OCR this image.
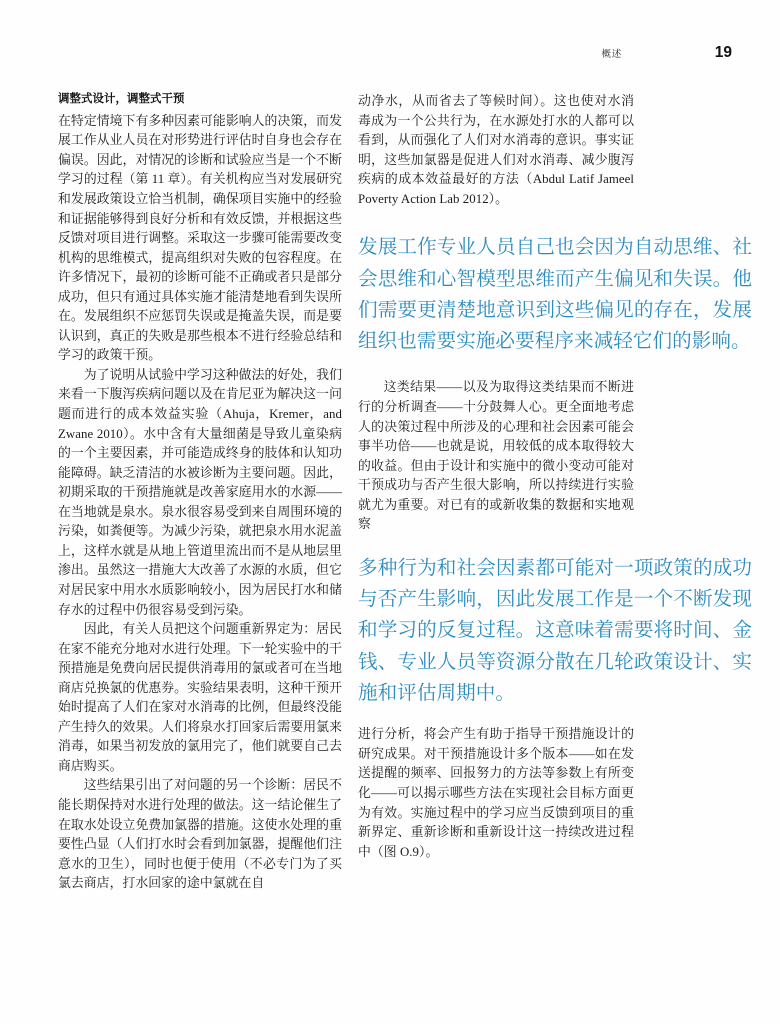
概述	19
调整式设计，调整式干预

在特定情境下有多种因素可能影响人的决策，而发展工作从业人员在对形势进行评估时自身也会存在偏误。因此，对情况的诊断和试验应当是一个不断学习的过程（第 11 章）。有关机构应当对发展研究和发展政策设立恰当机制，确保项目实施中的经验和证据能够得到良好分析和有效反馈，并根据这些反馈对项目进行调整。采取这一步骤可能需要改变机构的思维模式，提高组织对失败的包容程度。在许多情况下，最初的诊断可能不正确或者只是部分成功，但只有通过具体实施才能清楚地看到失误所在。发展组织不应惩罚失误或是掩盖失误，而是要认识到，真正的失败是那些根本不进行经验总结和学习的政策干预。

为了说明从试验中学习这种做法的好处，我们来看一下腹泻疾病问题以及在肯尼亚为解决这一问题而进行的成本效益实验（Ahuja，Kremer，and Zwane 2010）。水中含有大量细菌是导致儿童染病的一个主要因素，并可能造成终身的肢体和认知功能障碍。缺乏清洁的水被诊断为主要问题。因此，初期采取的干预措施就是改善家庭用水的水源——在当地就是泉水。泉水很容易受到来自周围环境的污染，如粪便等。为减少污染，就把泉水用水泥盖上，这样水就是从地上管道里流出而不是从地层里渗出。虽然这一措施大大改善了水源的水质，但它对居民家中用水水质影响较小，因为居民打水和储存水的过程中仍很容易受到污染。

因此，有关人员把这个问题重新界定为：居民在家不能充分地对水进行处理。下一轮实验中的干预措施是免费向居民提供消毒用的氯或者可在当地商店兑换氯的优惠券。实验结果表明，这种干预开始时提高了人们在家对水消毒的比例，但最终没能产生持久的效果。人们将泉水打回家后需要用氯来消毒，如果当初发放的氯用完了，他们就要自己去商店购买。

这些结果引出了对问题的另一个诊断：居民不能长期保持对水进行处理的做法。这一结论催生了在取水处设立免费加氯器的措施。这使水处理的重要性凸显（人们打水时会看到加氯器，提醒他们注意水的卫生），同时也便于使用（不必专门为了买氯去商店，打水回家的途中氯就在自

动净水，从而省去了等候时间）。这也使对水消毒成为一个公共行为，在水源处打水的人都可以看到，从而强化了人们对水消毒的意识。事实证明，这些加氯器是促进人们对水消毒、减少腹泻疾病的成本效益最好的方法（Abdul Latif Jameel Poverty Action Lab 2012）。

发展工作专业人员自己也会因为自动思维、社会思维和心智模型思维而产生偏见和失误。他们需要更清楚地意识到这些偏见的存在，发展组织也需要实施必要程序来减轻它们的影响。

这类结果——以及为取得这类结果而不断进行的分析调查——十分鼓舞人心。更全面地考虑人的决策过程中所涉及的心理和社会因素可能会事半功倍——也就是说，用较低的成本取得较大的收益。但由于设计和实施中的微小变动可能对干预成功与否产生很大影响，所以持续进行实验就尤为重要。对已有的或新收集的数据和实地观察

多种行为和社会因素都可能对一项政策的成功与否产生影响，因此发展工作是一个不断发现和学习的反复过程。这意味着需要将时间、金钱、专业人员等资源分散在几轮政策设计、实施和评估周期中。

进行分析，将会产生有助于指导干预措施设计的研究成果。对干预措施设计多个版本——如在发送提醒的频率、回报努力的方法等参数上有所变化——可以揭示哪些方法在实现社会目标方面更为有效。实施过程中的学习应当反馈到项目的重新界定、重新诊断和重新设计这一持续改进过程中（图 O.9）。
